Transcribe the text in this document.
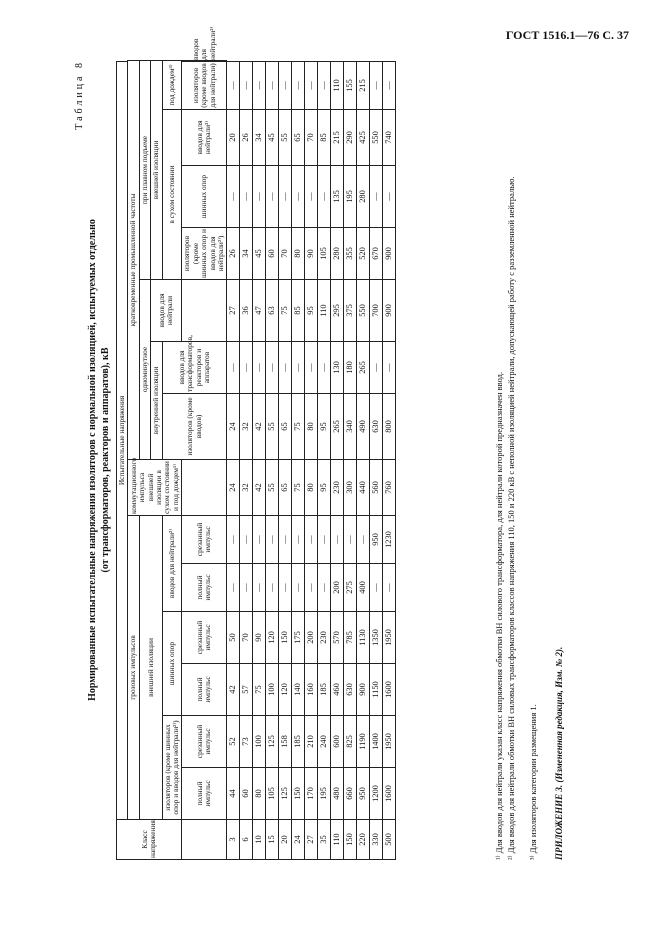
ГОСТ 1516.1—76 С. 37
Таблица 8
Нормированные испытательные напряжения изоляторов с нормальной изоляцией, испытуемых отдельно (от трансформаторов, реакторов и аппаратов), кВ
Класс напряжения	Испытательные напряжения														
	грозовых импульсов						коммутационного импульса внешней изоляции в сухом состоянии и под дождем¹⁾	кратковременные промышленной частоты							
	внешней изоляции							одноминутное			при плавном подъеме				
								внутренней изоляции		вводов для нейтрали	внешней изоляции				
	изоляторов (кроме шинных опор и вводов для нейтрали²⁾)		шинных опор		вводов для нейтрали²⁾			изоляторов (кроме вводов)	вводов для трансформаторов, реакторов и аппаратов		в сухом состоянии			под дождем³⁾	
	полный импульс	срезанный импульс	полный импульс	срезанный импульс	полный импульс	срезанный импульс					изоляторов (кроме шинных опор и вводов для нейтрали²⁾)	шинных опор	вводов для нейтрали²⁾	изоляторов (кроме вводов для нейтрали)	вводов для нейтрали²⁾
3	44	52	42	50	—	—	24	24	—	27	26	—	20	—	
6	60	73	57	70	—	—	32	32	—	36	34	—	26	—	
10	80	100	75	90	—	—	42	42	—	47	45	—	34	—	
15	105	125	100	120	—	—	55	55	—	63	60	—	45	—	
20	125	158	120	150	—	—	65	65	—	75	70	—	55	—	
24	150	185	140	175	—	—	75	75	—	85	80	—	65	—	
27	170	210	160	200	—	—	80	80	—	95	90	—	70	—	
35	195	240	185	230	—	—	95	95	—	110	105	—	85	—	
110	480	600	460	570	200	—	230	265	130	295	280	135	215	110	
150	660	825	630	785	275	—	300	340	180	375	355	195	290	155	
220	950	1190	900	1130	400	—	440	490	265	550	520	280	425	215	
330	1200	1400	1150	1350	—	950	560	630	—	700	670	—	550	—	
500	1600	1950	1600	1950	—	1230	760	800	—	900	900	—	740	—	
¹⁾ Для вводов для нейтрали указан класс напряжения обмотки ВН силового трансформатора, для нейтрали которой предназначен ввод. ²⁾ Для вводов для нейтрали обмотки ВН силовых трансформаторов классов напряжения 110, 150 и 220 кВ с неполной изоляцией нейтрали, допускающей работу с разземленной нейтралью. ³⁾ Для изоляторов категории размещения 1. ПРИЛОЖЕНИЕ 3. (Измененная редакция, Изм. № 2).
